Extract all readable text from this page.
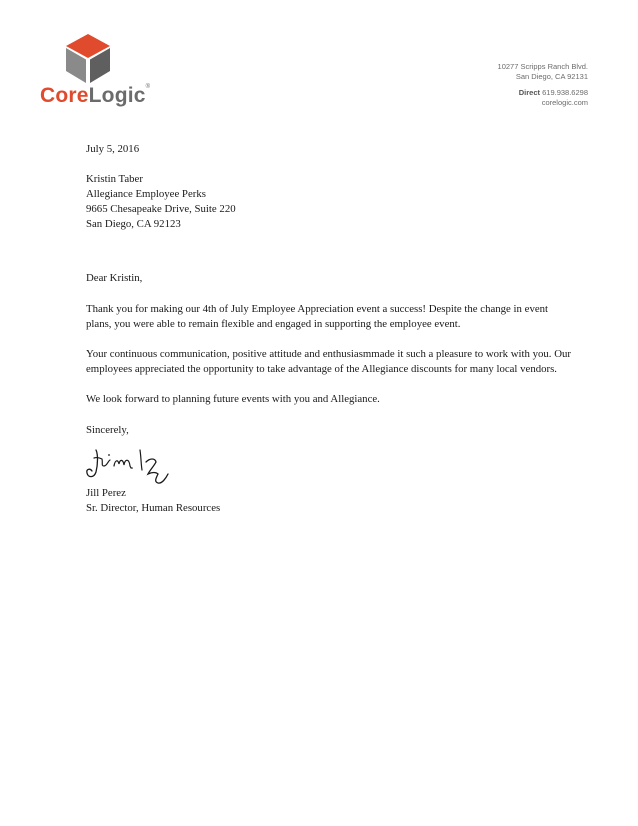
CoreLogic®
10277 Scripps Ranch Blvd.
San Diego, CA 92131
Direct 619.938.6298
corelogic.com

July 5, 2016

Kristin Taber
Allegiance Employee Perks
9665 Chesapeake Drive, Suite 220
San Diego, CA 92123

Dear Kristin,

Thank you for making our 4th of July Employee Appreciation event a success! Despite the change in event plans, you were able to remain flexible and engaged in supporting the employee event.

Your continuous communication, positive attitude and enthusiasmmade it such a pleasure to work with you. Our employees appreciated the opportunity to take advantage of the Allegiance discounts for many local vendors.

We look forward to planning future events with you and Allegiance.

Sincerely,

Jill Perez
Sr. Director, Human Resources
